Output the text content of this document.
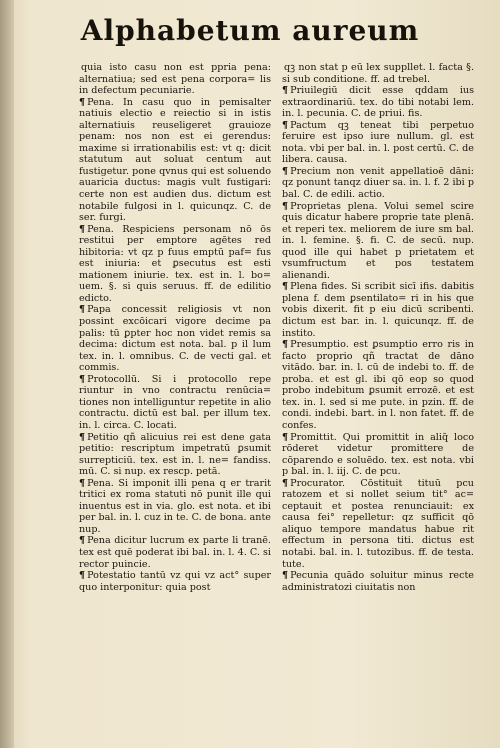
Alphabetum aureum

quia isto casu non est ppria pena: alternatiua; sed est pena corpora= lis in defectum pecuniarie.

¶ Pena. In casu quo in pemisalter natiuis electio e reiectio si in istis alternatiuis reuseligeret grauioze penam: nos non est ei gerendus: maxime si irrationabilis est: vt q: dicit statutum aut soluat centum aut fustigetur. pone qvnus qui est soluendo auaricia ductus: magis vult fustigari: certe non est audien dus. dictum est notabile fulgosi in l. quicunqz. C. de ser. furgi.

¶ Pena. Respiciens personam nō ōs restitui per emptore agētes red hibitoria: vt qz p fuus emptū paf= fus est iniuria: et ꝑsecutus est esti mationem iniurie. tex. est in. l. bo= uem. §. si quis seruus. ff. de edilitio edicto.

¶ Papa concessit religiosis vt non possint excōicari vigore decime pa palis: tū ꝑpter hoc non videt remis sa decima: dictum est nota. bal. p il lum tex. in. l. omnibus. C. de vecti gal. et commis.

¶ Protocollū. Si i protocollo repe riuntur in vno contractu renūcia= tiones non intelliguntur repetite in alio contractu. dictū est bal. per illum tex. in. l. circa. C. locati.

¶ Petitio qñ alicuius rei est dene gata petitio: rescriptum impetratū ꝑsumit surrepticiū. tex. est in. l. ne= fandiss. mū. C. si nup. ex rescp. petā.

¶ Pena. Si imponit illi pena q er trarit tritici ex roma statuti nō punit ille qui inuentus est in via. glo. est nota. et ibi per bal. in. l. cuz in te. C. de bona. ante nup.

¶ Pena dicitur lucrum ex parte li tranē. tex est quē poderat ibi bal. in. l. 4. C. si rector puincie.

¶ Potestatio tantū vz qui vz act° super quo interponitur: quia post

qꝫ non stat p eū lex suppllet. l. facta §. si sub conditione. ff. ad trebel.

¶ Priuilegiū dicit esse qddam ius extraordinariū. tex. do tibi notabi lem. in. l. pecunia. C. de priui. fis.

¶ Pactum qꝫ teneat tibi perpetuo feruire est ipso iure nullum. gl. est nota. vbi per bal. in. l. post certū. C. de libera. causa.

¶ Precium non venit appellatioē dāni: qz ponunt tanqz diuer sa. in. l. f. 2 ibi p bal. C. de edili. actio.

¶ Proprietas plena. Volui semel scire quis dicatur habere proprie tate plenā. et reperi tex. meliorem de iure sm bal. in. l. femine. §. fi. C. de secū. nup. quod ille qui habet p prietatem et vsumfructum et pos testatem alienandi.

¶ Plena fides. Si scribit sicī ifis. dabitis plena f. dem ꝑsentilato= ri in his que vobis dixerit. fit p eiu dicū scribenti. dictum est bar. in. l. quicunqz. ff. de instito.

¶ Presumptio. est ꝑsumptio erro ris in facto proprio qñ tractat de dāno vitādo. bar. in. l. cū de indebi to. ff. de proba. et est gl. ibi qō eop so quod probo indebitum ꝑsumit errozē. et est tex. in. l. sed si me pute. in pzin. ff. de condi. indebi. bart. in l. non fatet. ff. de confes.

¶ Promittit. Qui promittit in aliq̄ loco rōderet videtur promittere de cōparendo e soluēdo. tex. est nota. vbi p bal. in. l. iij. C. de pcu.

¶ Procurator. Cōstituit tituū pcu ratozem et si nollet seium tit° ac= ceptauit et postea renunciauit: ex causa fei° repelletur: qz sufficit qō aliquo tempore mandatus habue rit effectum in persona titi. dictus est notabi. bal. in. l. tutozibus. ff. de testa. tute.

¶ Pecunia quādo soluitur minus recte administratozi ciuitatis non
